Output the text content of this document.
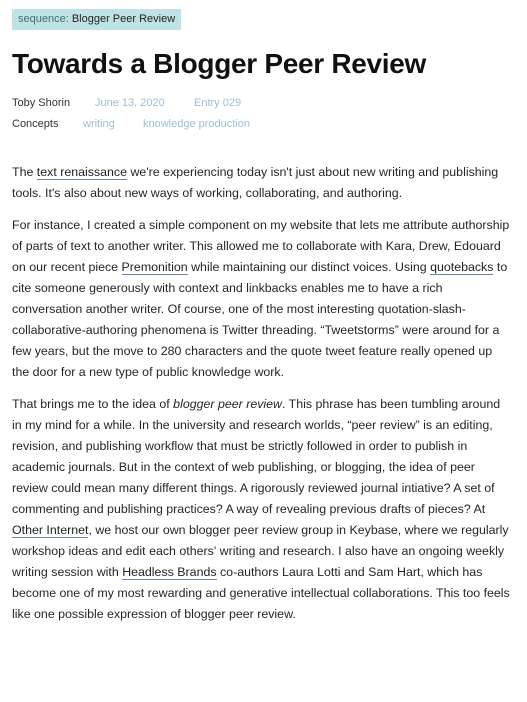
sequence: Blogger Peer Review
Towards a Blogger Peer Review
Toby Shorin	June 13, 2020	Entry 029
Concepts	writing	knowledge production

The text renaissance we're experiencing today isn't just about new writing and publishing tools. It's also about new ways of working, collaborating, and authoring.

For instance, I created a simple component on my website that lets me attribute authorship of parts of text to another writer. This allowed me to collaborate with Kara, Drew, Edouard on our recent piece Premonition while maintaining our distinct voices. Using quotebacks to cite someone generously with context and linkbacks enables me to have a rich conversation another writer. Of course, one of the most interesting quotation-slash-collaborative-authoring phenomena is Twitter threading. “Tweetstorms” were around for a few years, but the move to 280 characters and the quote tweet feature really opened up the door for a new type of public knowledge work.

That brings me to the idea of blogger peer review. This phrase has been tumbling around in my mind for a while. In the university and research worlds, “peer review” is an editing, revision, and publishing workflow that must be strictly followed in order to publish in academic journals. But in the context of web publishing, or blogging, the idea of peer review could mean many different things. A rigorously reviewed journal intiative? A set of commenting and publishing practices? A way of revealing previous drafts of pieces? At Other Internet, we host our own blogger peer review group in Keybase, where we regularly workshop ideas and edit each others' writing and research. I also have an ongoing weekly writing session with Headless Brands co-authors Laura Lotti and Sam Hart, which has become one of my most rewarding and generative intellectual collaborations. This too feels like one possible expression of blogger peer review.
